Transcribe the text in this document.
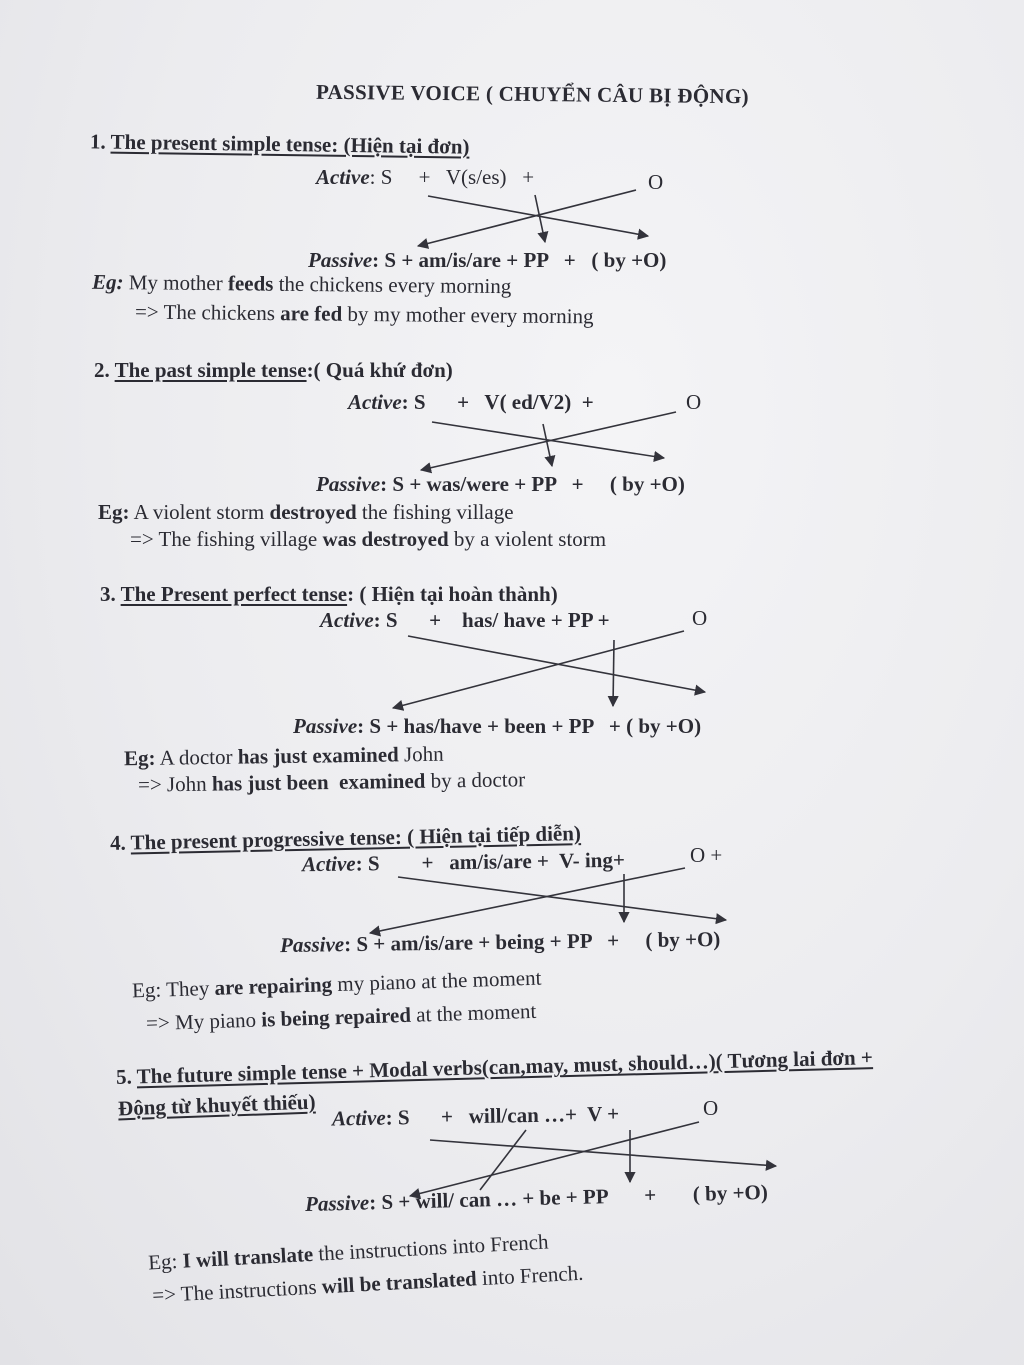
PASSIVE VOICE ( CHUYỂN CÂU BỊ ĐỘNG)
1. The present simple tense: (Hiện tại đơn)
Active: S     +   V(s/es)   +	O
Passive: S + am/is/are + PP   +   ( by +O)
Eg: My mother feeds the chickens every morning
=> The chickens are fed by my mother every morning
2. The past simple tense:( Quá khứ đơn)
Active: S      +   V( ed/V2)  +	O
Passive: S + was/were + PP   +     ( by +O)
Eg: A violent storm destroyed the fishing village
=> The fishing village was destroyed by a violent storm
3. The Present perfect tense: ( Hiện tại hoàn thành)
Active: S      +    has/ have + PP +	O
Passive: S + has/have + been + PP   + ( by +O)
Eg: A doctor has just examined John
=> John has just been  examined by a doctor
4. The present progressive tense: ( Hiện tại tiếp diễn)
Active: S        +   am/is/are +  V- ing+	O +
Passive: S + am/is/are + being + PP   +     ( by +O)
Eg: They are repairing my piano at the moment
=> My piano is being repaired at the moment
5. The future simple tense + Modal verbs(can,may, must, should…)( Tương lai đơn +
Động từ khuyết thiếu) Active: S      +   will/can …+  V +	O
Passive: S + will/ can … + be + PP       +       ( by +O)
Eg: I will translate the instructions into French
=> The instructions will be translated into French.
